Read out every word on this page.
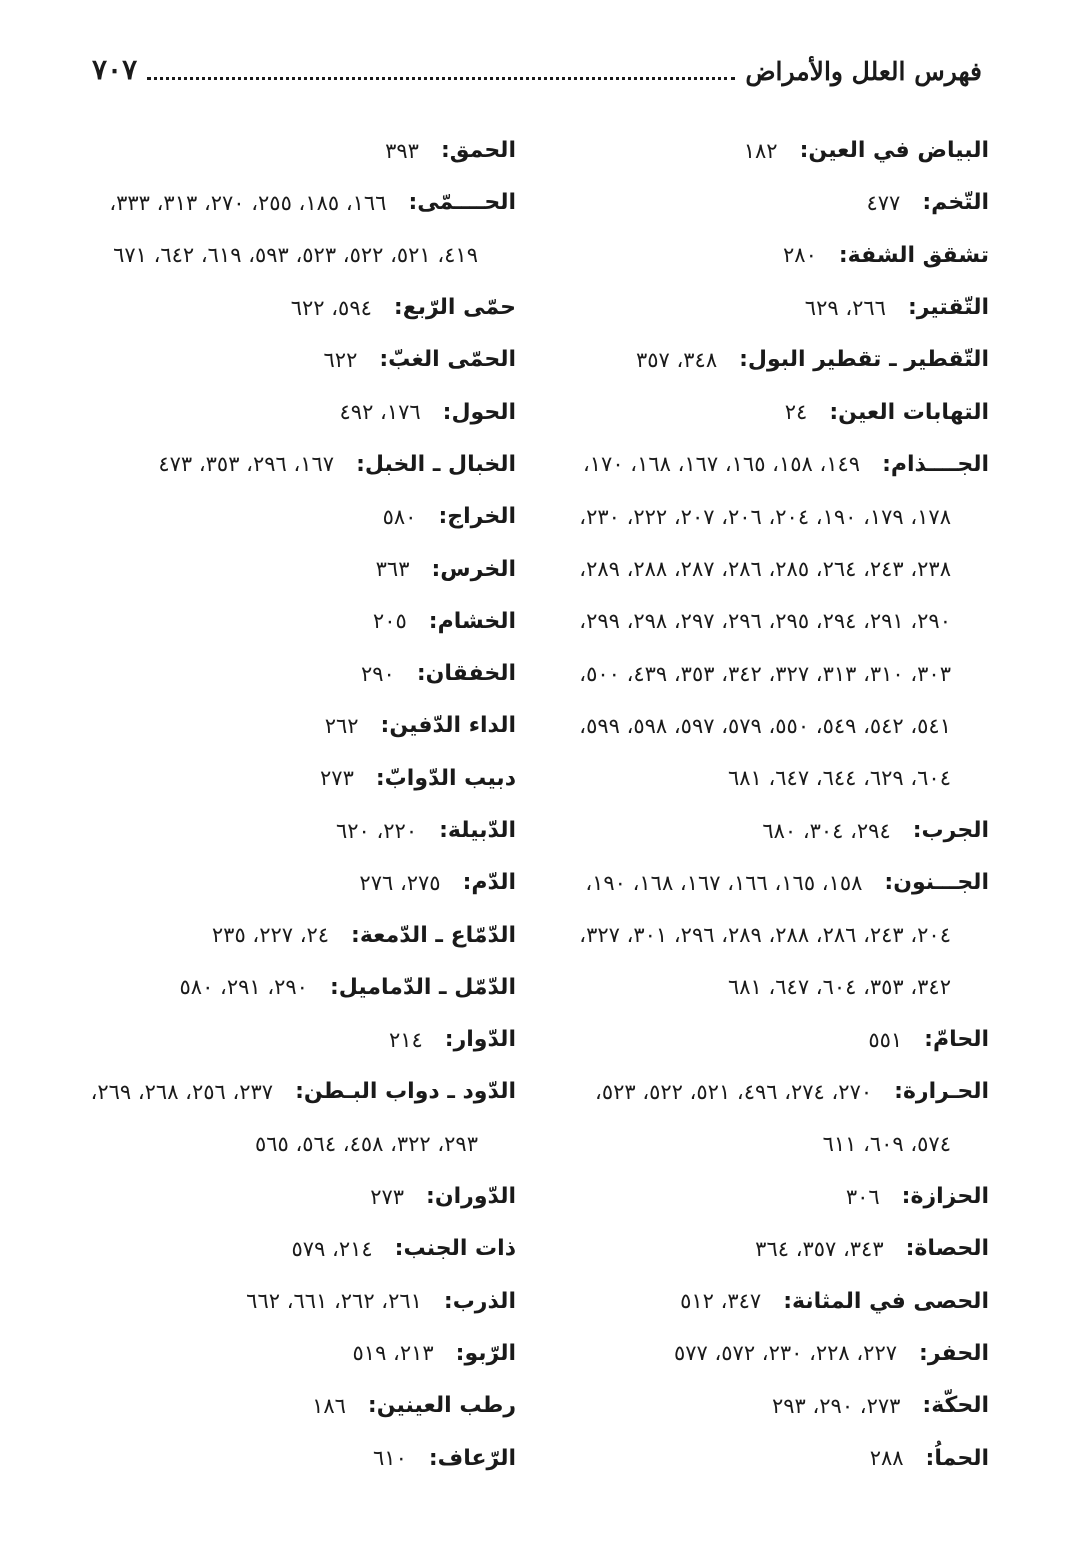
فهرس العلل والأمراض
٧٠٧
البياض في العين:
١٨٢
التّخم:
٤٧٧
تشقق الشفة:
٢٨٠
التّقتير:
٢٦٦، ٦٢٩
التّقطير ـ تقطير البول:
٣٤٨، ٣٥٧
التهابات العين:
٢٤
الجــــذام:
١٤٩، ١٥٨، ١٦٥، ١٦٧، ١٦٨، ١٧٠،
١٧٨، ١٧٩، ١٩٠، ٢٠٤، ٢٠٦، ٢٠٧، ٢٢٢، ٢٣٠،
٢٣٨، ٢٤٣، ٢٦٤، ٢٨٥، ٢٨٦، ٢٨٧، ٢٨٨، ٢٨٩،
٢٩٠، ٢٩١، ٢٩٤، ٢٩٥، ٢٩٦، ٢٩٧، ٢٩٨، ٢٩٩،
٣٠٣، ٣١٠، ٣١٣، ٣٢٧، ٣٤٢، ٣٥٣، ٤٣٩، ٥٠٠،
٥٤١، ٥٤٢، ٥٤٩، ٥٥٠، ٥٧٩، ٥٩٧، ٥٩٨، ٥٩٩،
٦٠٤، ٦٢٩، ٦٤٤، ٦٤٧، ٦٨١
الجرب:
٢٩٤، ٣٠٤، ٦٨٠
الجـــنون:
١٥٨، ١٦٥، ١٦٦، ١٦٧، ١٦٨، ١٩٠،
٢٠٤، ٢٤٣، ٢٨٦، ٢٨٨، ٢٨٩، ٢٩٦، ٣٠١، ٣٢٧،
٣٤٢، ٣٥٣، ٦٠٤، ٦٤٧، ٦٨١
الحامّ:
٥٥١
الحـرارة:
٢٧٠، ٢٧٤، ٤٩٦، ٥٢١، ٥٢٢، ٥٢٣،
٥٧٤، ٦٠٩، ٦١١
الحزازة:
٣٠٦
الحصاة:
٣٤٣، ٣٥٧، ٣٦٤
الحصى في المثانة:
٣٤٧، ٥١٢
الحفر:
٢٢٧، ٢٢٨، ٢٣٠، ٥٧٢، ٥٧٧
الحكّة:
٢٧٣، ٢٩٠، ٢٩٣
الحماُ:
٢٨٨
الحمق:
٣٩٣
الحــــمّى:
١٦٦، ١٨٥، ٢٥٥، ٢٧٠، ٣١٣، ٣٣٣،
٤١٩، ٥٢١، ٥٢٢، ٥٢٣، ٥٩٣، ٦١٩، ٦٤٢، ٦٧١
حمّى الرّبع:
٥٩٤، ٦٢٢
الحمّى الغبّ:
٦٢٢
الحول:
١٧٦، ٤٩٢
الخبال ـ الخبل:
١٦٧، ٢٩٦، ٣٥٣، ٤٧٣
الخراج:
٥٨٠
الخرس:
٣٦٣
الخشام:
٢٠٥
الخفقان:
٢٩٠
الداء الدّفين:
٢٦٢
دبيب الدّوابّ:
٢٧٣
الدّبيلة:
٢٢٠، ٦٢٠
الدّم:
٢٧٥، ٢٧٦
الدّمّاع ـ الدّمعة:
٢٤، ٢٢٧، ٢٣٥
الدّمّل ـ الدّماميل:
٢٩٠، ٢٩١، ٥٨٠
الدّوار:
٢١٤
الدّود ـ دواب البـطن:
٢٣٧، ٢٥٦، ٢٦٨، ٢٦٩،
٢٩٣، ٣٢٢، ٤٥٨، ٥٦٤، ٥٦٥
الدّوران:
٢٧٣
ذات الجنب:
٢١٤، ٥٧٩
الذرب:
٢٦١، ٢٦٢، ٦٦١، ٦٦٢
الرّبو:
٢١٣، ٥١٩
رطب العينين:
١٨٦
الرّعاف:
٦١٠
